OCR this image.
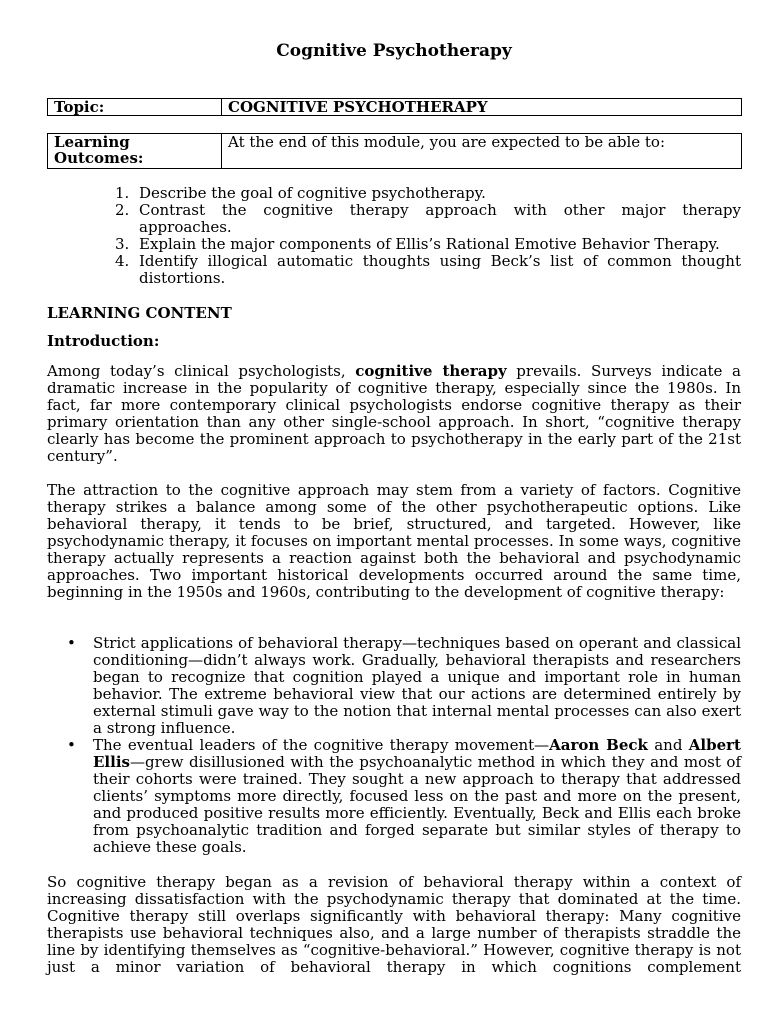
Cognitive Psychotherapy
Topic:	COGNITIVE PSYCHOTHERAPY
Learning
Outcomes:	At the end of this module, you are expected to be able to:
1. Describe the goal of cognitive psychotherapy.
2. Contrast the cognitive therapy approach with other major therapy approaches.
3. Explain the major components of Ellis’s Rational Emotive Behavior Therapy.
4. Identify illogical automatic thoughts using Beck’s list of common thought distortions.
LEARNING CONTENT
Introduction:
Among today’s clinical psychologists, cognitive therapy prevails. Surveys indicate a dramatic increase in the popularity of cognitive therapy, especially since the 1980s. In fact, far more contemporary clinical psychologists endorse cognitive therapy as their primary orientation than any other single-school approach. In short, “cognitive therapy clearly has become the prominent approach to psychotherapy in the early part of the 21st century”.
The attraction to the cognitive approach may stem from a variety of factors. Cognitive therapy strikes a balance among some of the other psychotherapeutic options. Like behavioral therapy, it tends to be brief, structured, and targeted. However, like psychodynamic therapy, it focuses on important mental processes. In some ways, cognitive therapy actually represents a reaction against both the behavioral and psychodynamic approaches. Two important historical developments occurred around the same time, beginning in the 1950s and 1960s, contributing to the development of cognitive therapy:
• Strict applications of behavioral therapy—techniques based on operant and classical conditioning—didn’t always work. Gradually, behavioral therapists and researchers began to recognize that cognition played a unique and important role in human behavior. The extreme behavioral view that our actions are determined entirely by external stimuli gave way to the notion that internal mental processes can also exert a strong influence.
• The eventual leaders of the cognitive therapy movement—Aaron Beck and Albert Ellis—grew disillusioned with the psychoanalytic method in which they and most of their cohorts were trained. They sought a new approach to therapy that addressed clients’ symptoms more directly, focused less on the past and more on the present, and produced positive results more efficiently. Eventually, Beck and Ellis each broke from psychoanalytic tradition and forged separate but similar styles of therapy to achieve these goals.
So cognitive therapy began as a revision of behavioral therapy within a context of increasing dissatisfaction with the psychodynamic therapy that dominated at the time. Cognitive therapy still overlaps significantly with behavioral therapy: Many cognitive therapists use behavioral techniques also, and a large number of therapists straddle the line by identifying themselves as “cognitive-behavioral.” However, cognitive therapy is not just a minor variation of behavioral therapy in which cognitions complement
